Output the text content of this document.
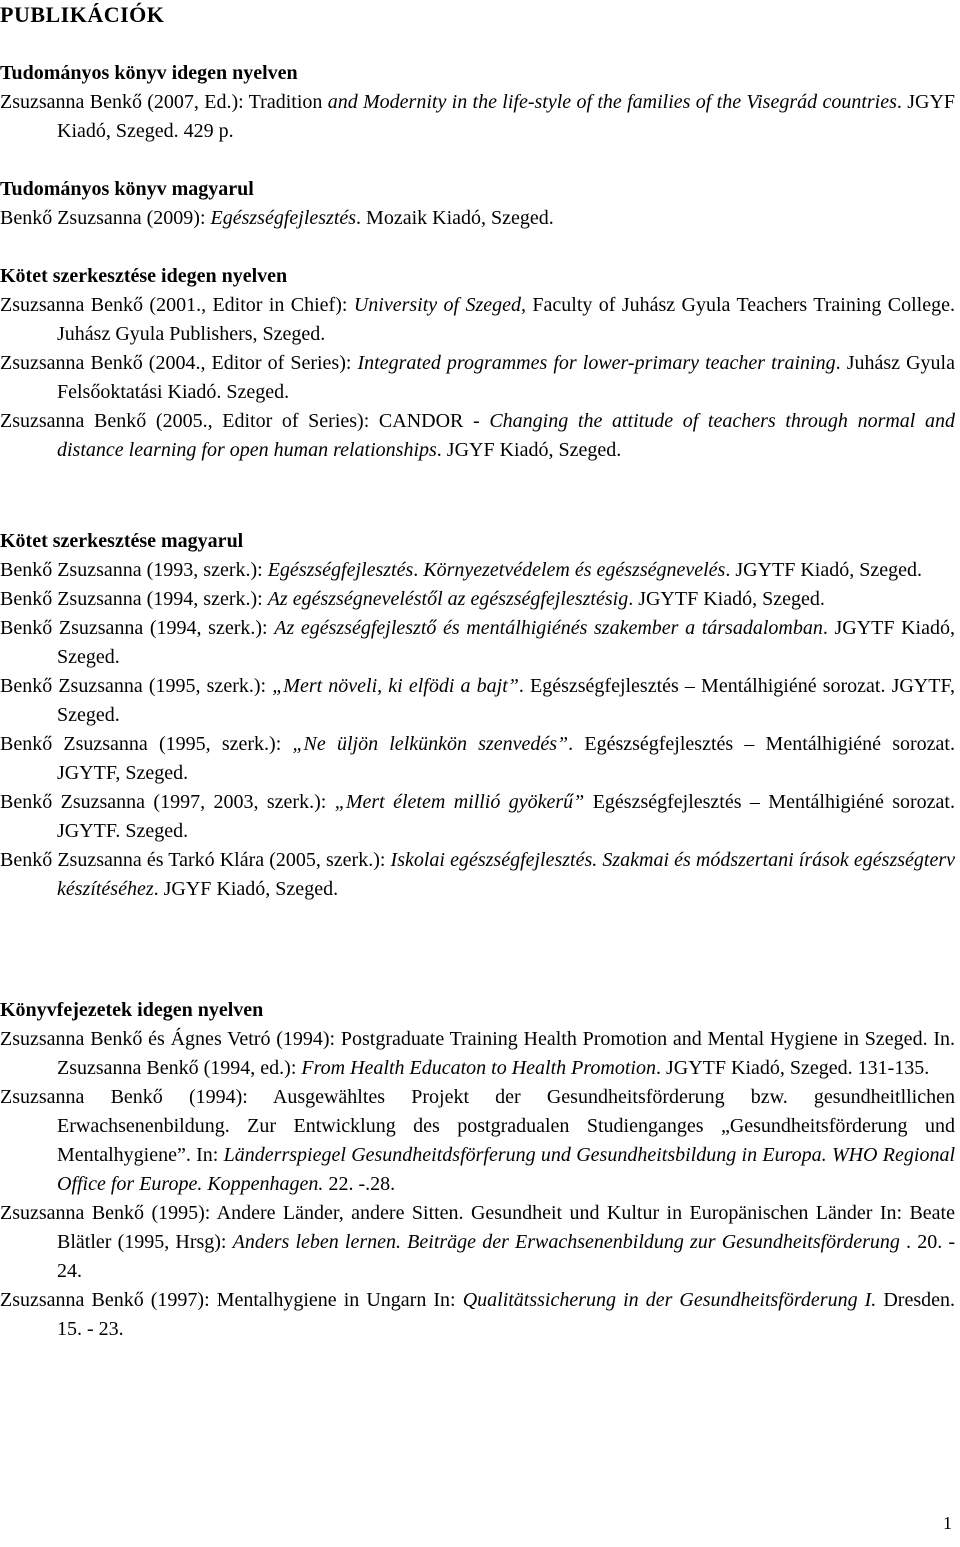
PUBLIKÁCIÓK
Tudományos könyv idegen nyelven

Zsuzsanna Benkő (2007, Ed.): Tradition and Modernity in the life-style of the families of the Visegrád countries. JGYF Kiadó, Szeged. 429 p.

Tudományos könyv magyarul

Benkő Zsuzsanna (2009): Egészségfejlesztés. Mozaik Kiadó, Szeged.

Kötet szerkesztése idegen nyelven

Zsuzsanna Benkő (2001., Editor in Chief): University of Szeged, Faculty of Juhász Gyula Teachers Training College. Juhász Gyula Publishers, Szeged.

Zsuzsanna Benkő (2004., Editor of Series): Integrated programmes for lower-primary teacher training. Juhász Gyula Felsőoktatási Kiadó. Szeged.

Zsuzsanna Benkő (2005., Editor of Series): CANDOR - Changing the attitude of teachers through normal and distance learning for open human relationships. JGYF Kiadó, Szeged.

Kötet szerkesztése magyarul

Benkő Zsuzsanna (1993, szerk.): Egészségfejlesztés. Környezetvédelem és egészségnevelés. JGYTF Kiadó, Szeged.

Benkő Zsuzsanna (1994, szerk.): Az egészségneveléstől az egészségfejlesztésig. JGYTF Kiadó, Szeged.

Benkő Zsuzsanna (1994, szerk.): Az egészségfejlesztő és mentálhigiénés szakember a társadalomban. JGYTF Kiadó, Szeged.

Benkő Zsuzsanna (1995, szerk.): „Mert növeli, ki elfödi a bajt”. Egészségfejlesztés – Mentálhigiéné sorozat. JGYTF, Szeged.

Benkő Zsuzsanna (1995, szerk.): „Ne üljön lelkünkön szenvedés”. Egészségfejlesztés – Mentálhigiéné sorozat. JGYTF, Szeged.

Benkő Zsuzsanna (1997, 2003, szerk.): „Mert életem millió gyökerű” Egészségfejlesztés – Mentálhigiéné sorozat. JGYTF. Szeged.

Benkő Zsuzsanna és Tarkó Klára (2005, szerk.): Iskolai egészségfejlesztés. Szakmai és módszertani írások egészségterv készítéséhez. JGYF Kiadó, Szeged.

Könyvfejezetek idegen nyelven

Zsuzsanna Benkő és Ágnes Vetró (1994): Postgraduate Training Health Promotion and Mental Hygiene in Szeged. In. Zsuzsanna Benkő (1994, ed.): From Health Educaton to Health Promotion. JGYTF Kiadó, Szeged. 131-135.

Zsuzsanna Benkő (1994): Ausgewähltes Projekt der Gesundheitsförderung bzw. gesundheitllichen Erwachsenenbildung. Zur Entwicklung des postgradualen Studienganges „Gesundheitsförderung und Mentalhygiene”. In: Länderrspiegel Gesundheitdsförferung und Gesundheitsbildung in Europa. WHO Regional Office for Europe. Koppenhagen. 22. -.28.

Zsuzsanna Benkő (1995): Andere Länder, andere Sitten. Gesundheit und Kultur in Europänischen Länder In: Beate Blätler (1995, Hrsg): Anders leben lernen. Beiträge der Erwachsenenbildung zur Gesundheitsförderung . 20. - 24.

Zsuzsanna Benkő (1997): Mentalhygiene in Ungarn In: Qualitätssicherung in der Gesundheitsförderung I. Dresden. 15. - 23.

1
